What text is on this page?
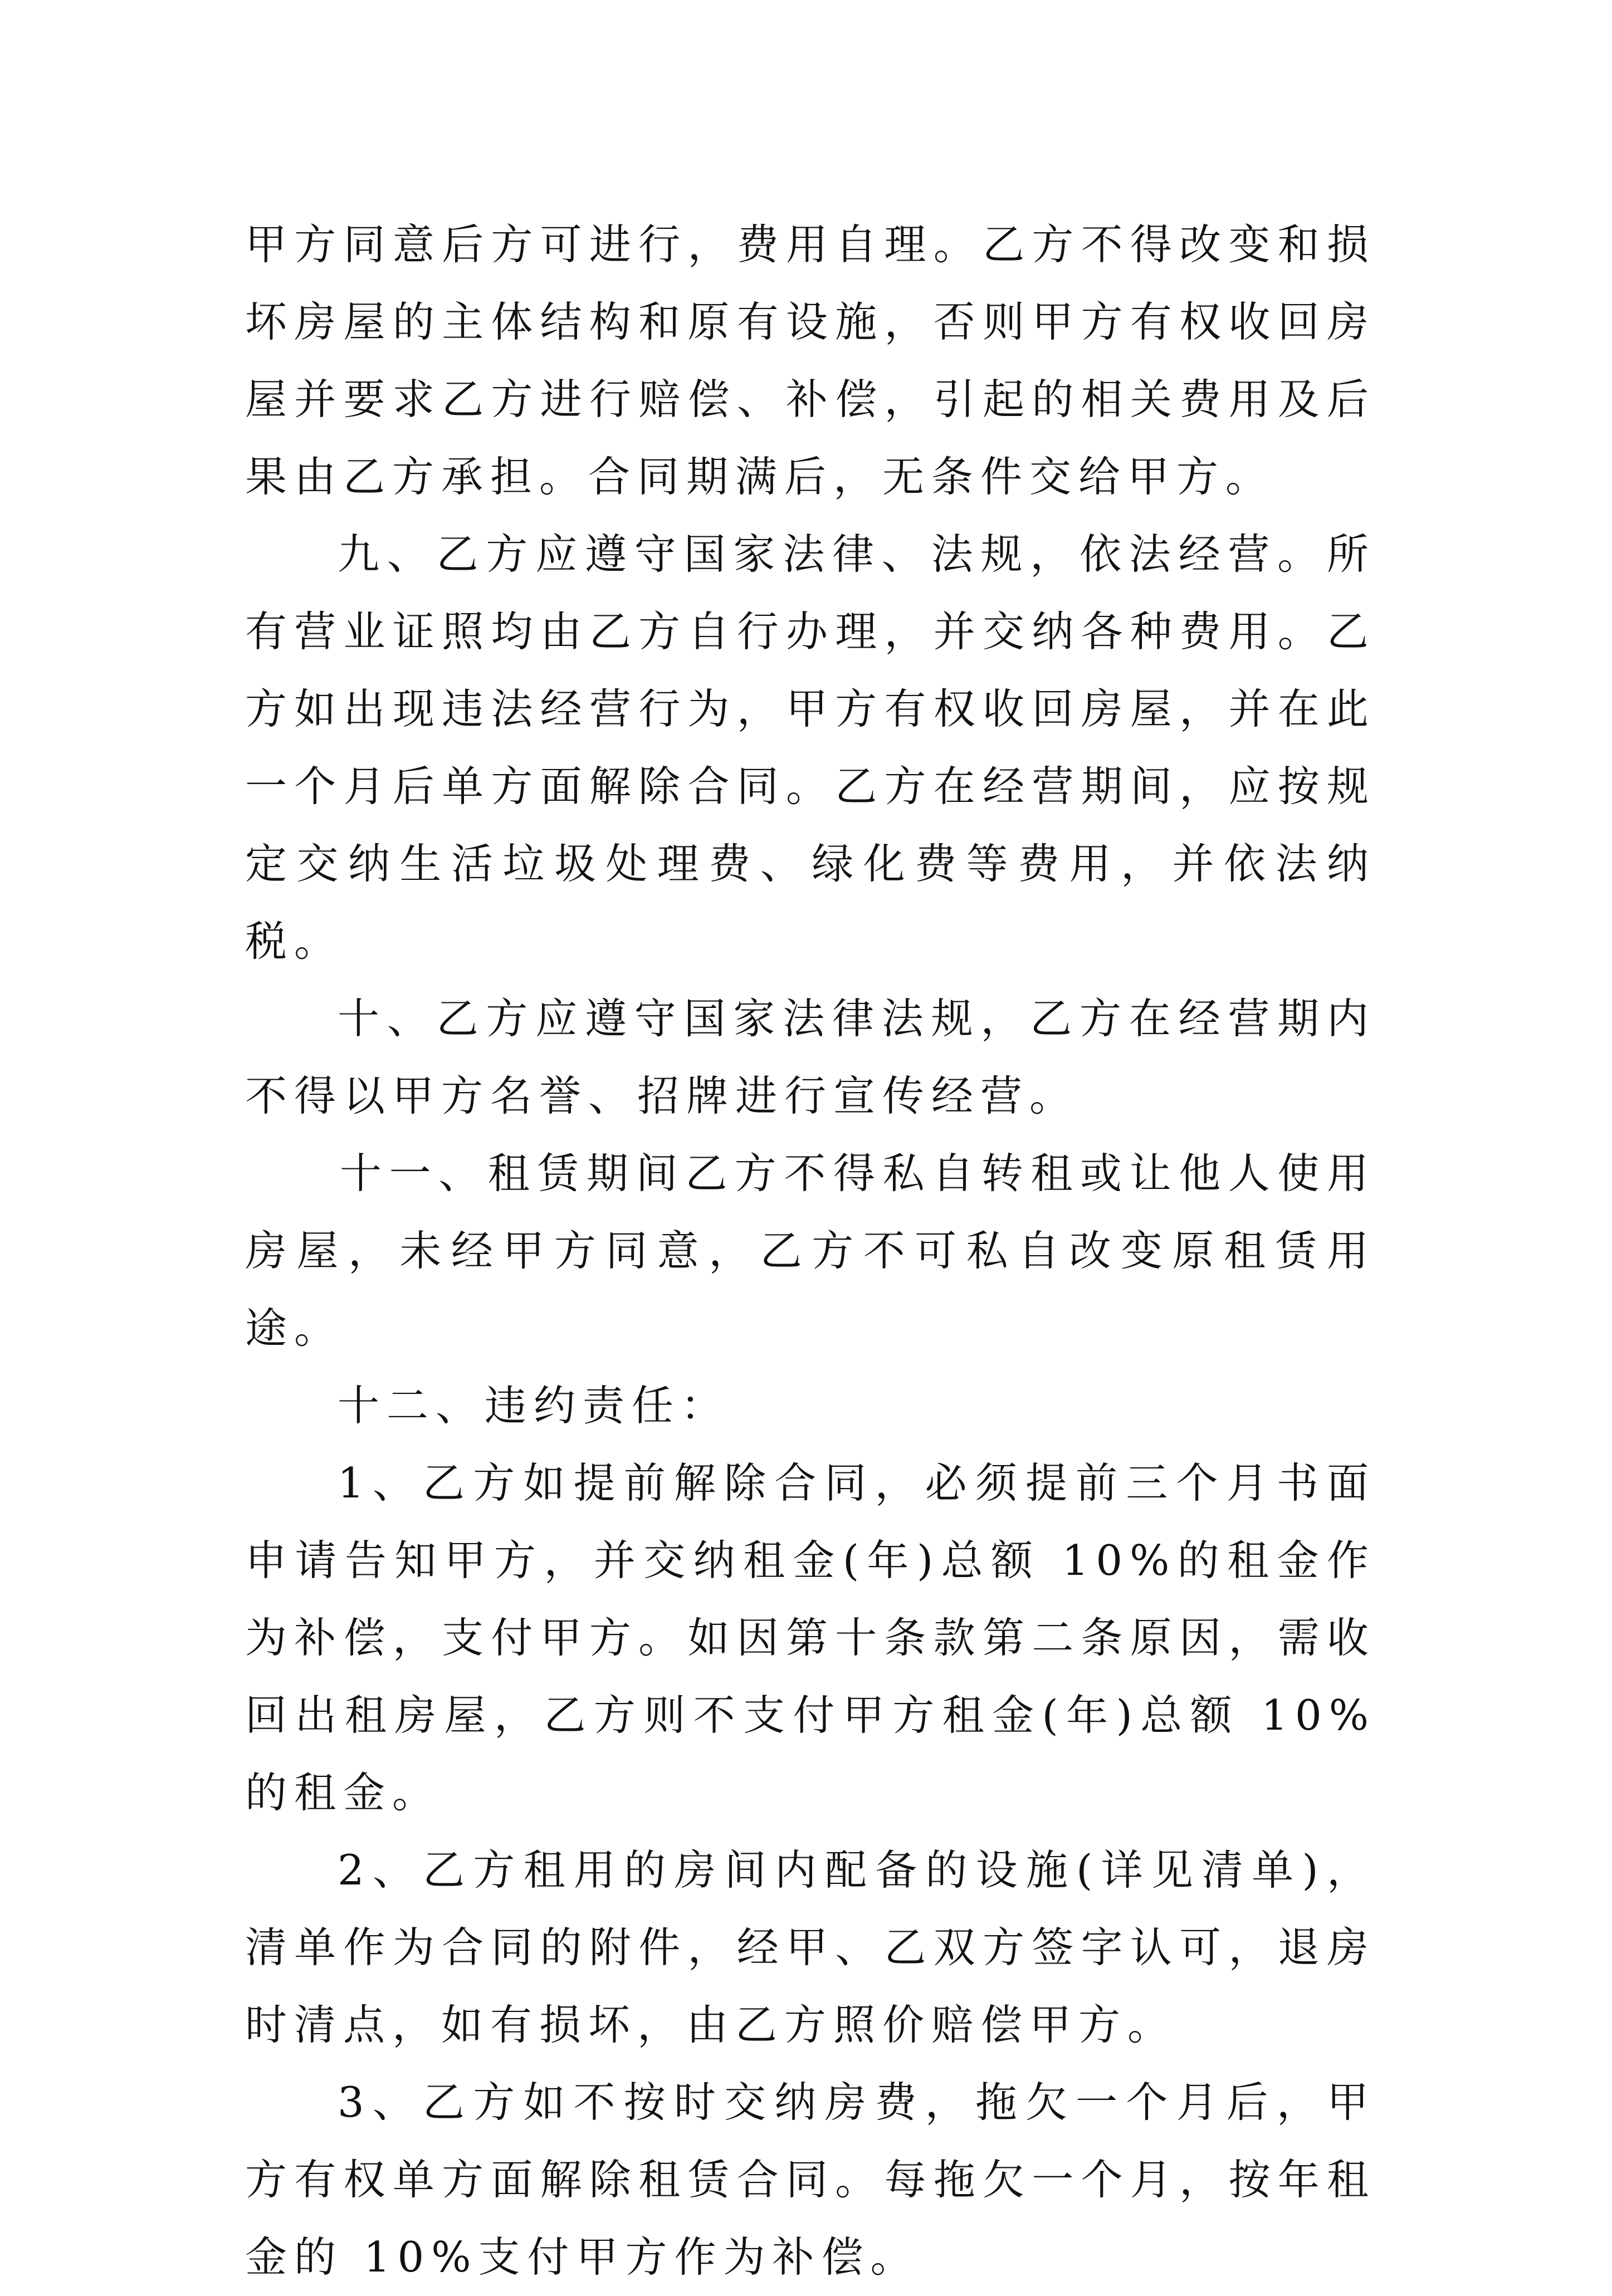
甲方同意后方可进行，费用自理。乙方不得改变和损坏房屋的主体结构和原有设施，否则甲方有权收回房屋并要求乙方进行赔偿、补偿，引起的相关费用及后果由乙方承担。合同期满后，无条件交给甲方。

九、乙方应遵守国家法律、法规，依法经营。所有营业证照均由乙方自行办理，并交纳各种费用。乙方如出现违法经营行为，甲方有权收回房屋，并在此一个月后单方面解除合同。乙方在经营期间，应按规定交纳生活垃圾处理费、绿化费等费用，并依法纳税。

十、乙方应遵守国家法律法规，乙方在经营期内不得以甲方名誉、招牌进行宣传经营。

十一、租赁期间乙方不得私自转租或让他人使用房屋，未经甲方同意，乙方不可私自改变原租赁用途。

十二、违约责任：

1、乙方如提前解除合同，必须提前三个月书面申请告知甲方，并交纳租金(年)总额 10%的租金作为补偿，支付甲方。如因第十条款第二条原因，需收回出租房屋，乙方则不支付甲方租金(年)总额 10%的租金。

2、乙方租用的房间内配备的设施(详见清单)，清单作为合同的附件，经甲、乙双方签字认可，退房时清点，如有损坏，由乙方照价赔偿甲方。

3、乙方如不按时交纳房费，拖欠一个月后，甲方有权单方面解除租赁合同。每拖欠一个月，按年租金的 10%支付甲方作为补偿。
